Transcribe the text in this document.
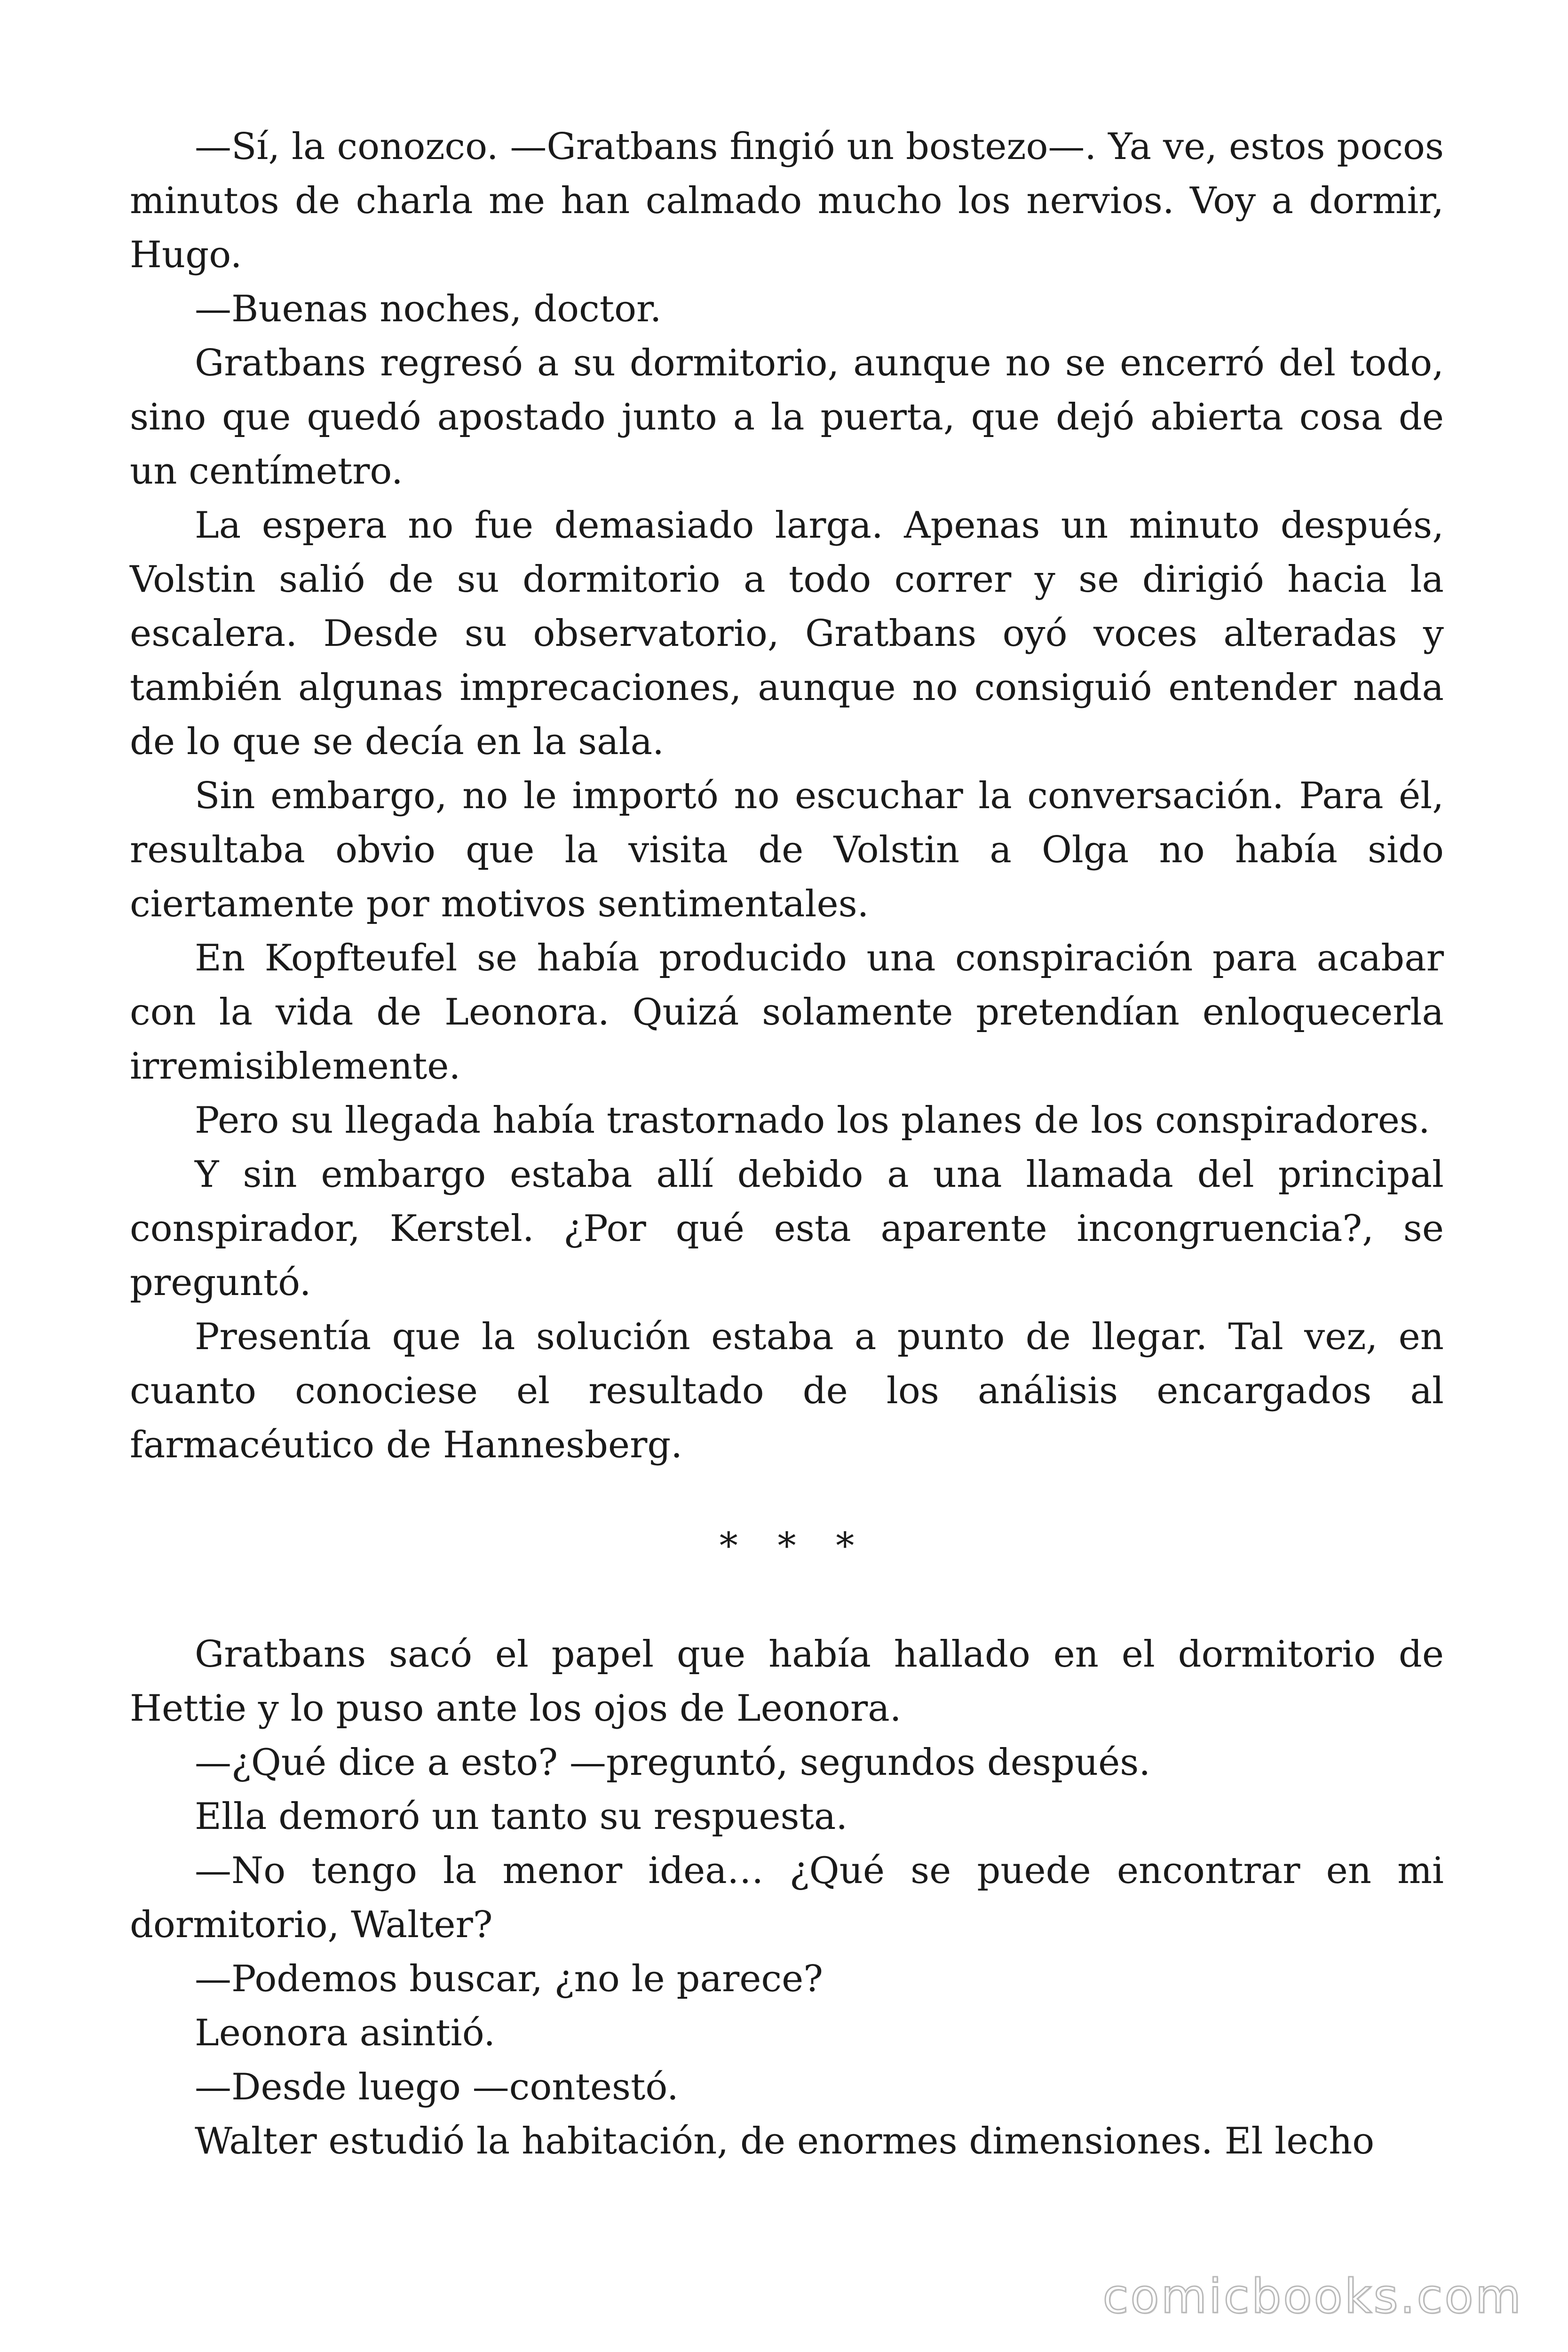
—Sí, la conozco. —Gratbans fingió un bostezo—. Ya ve, estos pocos minutos de charla me han calmado mucho los nervios. Voy a dormir, Hugo.

—Buenas noches, doctor.

Gratbans regresó a su dormitorio, aunque no se encerró del todo, sino que quedó apostado junto a la puerta, que dejó abierta cosa de un centímetro.

La espera no fue demasiado larga. Apenas un minuto después, Volstin salió de su dormitorio a todo correr y se dirigió hacia la escalera. Desde su observatorio, Gratbans oyó voces alteradas y también algunas imprecaciones, aunque no consiguió entender nada de lo que se decía en la sala.

Sin embargo, no le importó no escuchar la conversación. Para él, resultaba obvio que la visita de Volstin a Olga no había sido ciertamente por motivos sentimentales.

En Kopfteufel se había producido una conspiración para acabar con la vida de Leonora. Quizá solamente pretendían enloquecerla irremisiblemente.

Pero su llegada había trastornado los planes de los conspiradores.

Y sin embargo estaba allí debido a una llamada del principal conspirador, Kerstel. ¿Por qué esta aparente incongruencia?, se preguntó.

Presentía que la solución estaba a punto de llegar. Tal vez, en cuanto conociese el resultado de los análisis encargados al farmacéutico de Hannesberg.

* * *

Gratbans sacó el papel que había hallado en el dormitorio de Hettie y lo puso ante los ojos de Leonora.

—¿Qué dice a esto? —preguntó, segundos después.

Ella demoró un tanto su respuesta.

—No tengo la menor idea… ¿Qué se puede encontrar en mi dormitorio, Walter?

—Podemos buscar, ¿no le parece?

Leonora asintió.

—Desde luego —contestó.

Walter estudió la habitación, de enormes dimensiones. El lecho

comicbooks.com
